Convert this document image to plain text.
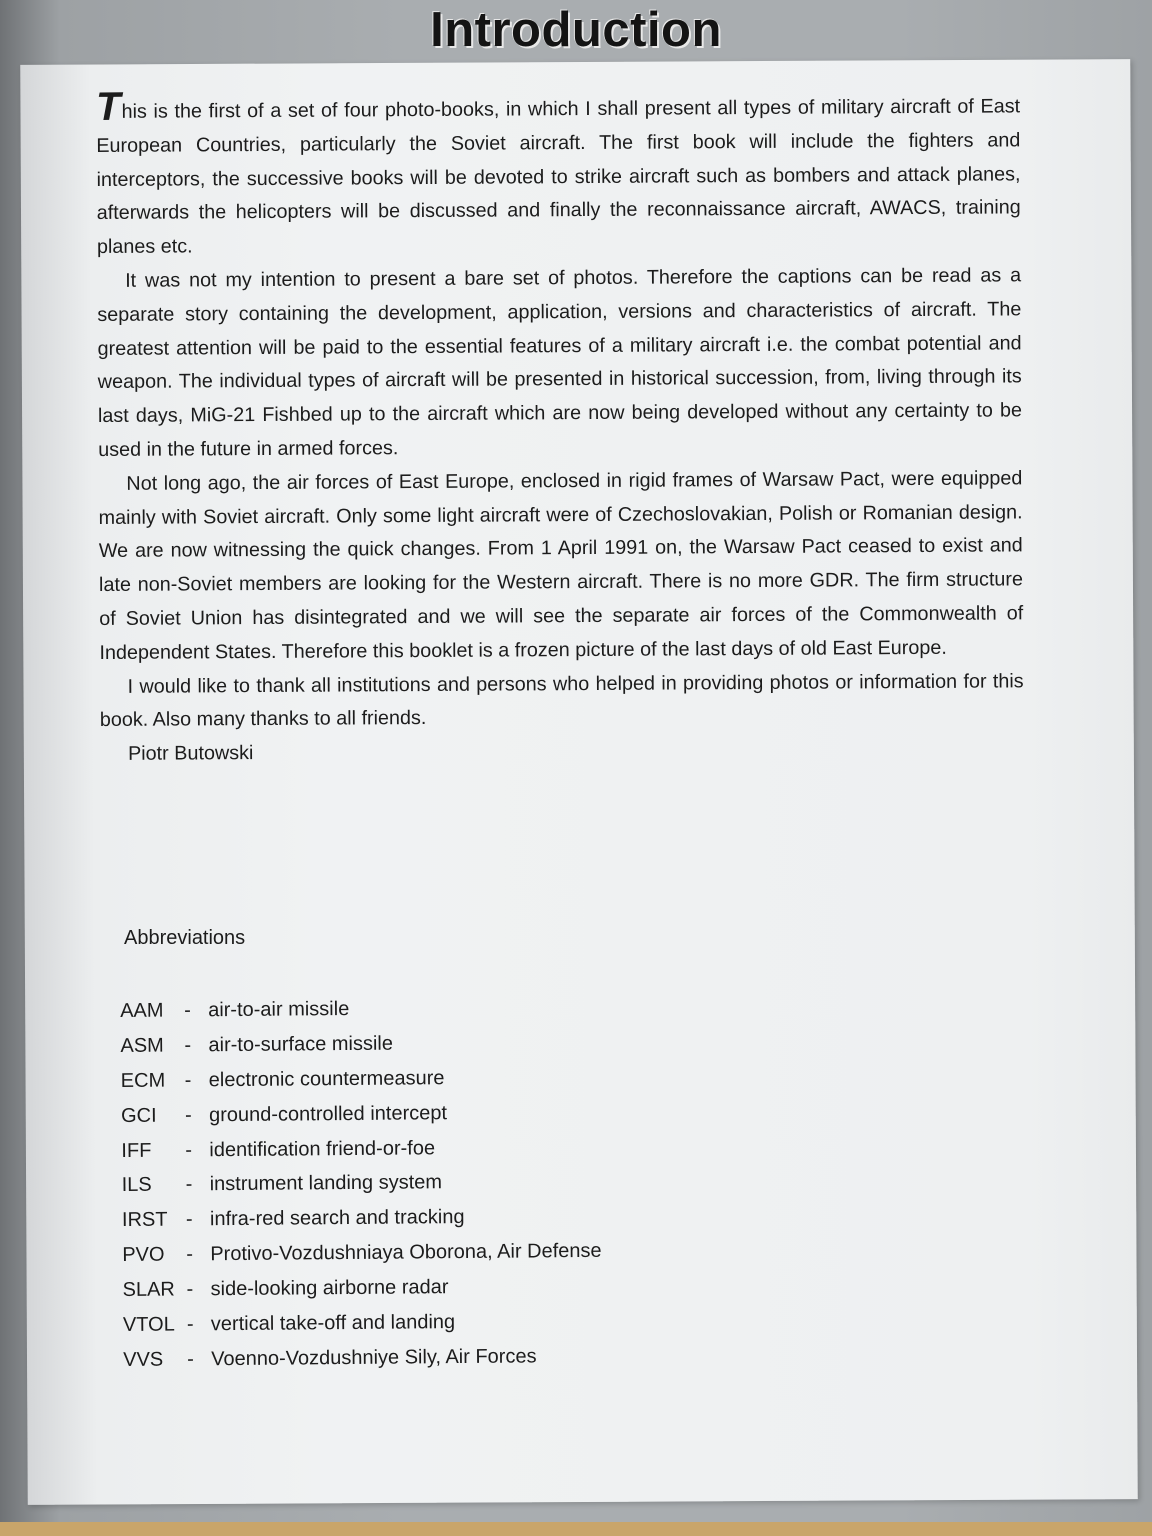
Introduction

This is the first of a set of four photo-books, in which I shall present all types of military aircraft of East European Countries, particularly the Soviet aircraft. The first book will include the fighters and interceptors, the successive books will be devoted to strike aircraft such as bombers and attack planes, afterwards the helicopters will be discussed and finally the reconnaissance aircraft, AWACS, training planes etc.

It was not my intention to present a bare set of photos. Therefore the captions can be read as a separate story containing the development, application, versions and characteristics of aircraft. The greatest attention will be paid to the essential features of a military aircraft i.e. the combat potential and weapon. The individual types of aircraft will be presented in historical succession, from, living through its last days, MiG-21 Fishbed up to the aircraft which are now being developed without any certainty to be used in the future in armed forces.

Not long ago, the air forces of East Europe, enclosed in rigid frames of Warsaw Pact, were equipped mainly with Soviet aircraft. Only some light aircraft were of Czechoslovakian, Polish or Romanian design. We are now witnessing the quick changes. From 1 April 1991 on, the Warsaw Pact ceased to exist and late non-Soviet members are looking for the Western aircraft. There is no more GDR. The firm structure of Soviet Union has disintegrated and we will see the separate air forces of the Commonwealth of Independent States. Therefore this booklet is a frozen picture of the last days of old East Europe.

I would like to thank all institutions and persons who helped in providing photos or information for this book. Also many thanks to all friends.

Piotr Butowski
Abbreviations
AAM	- air-to-air missile
ASM	- air-to-surface missile
ECM - electronic countermeasure
GCI	- ground-controlled intercept
IFF	- identification friend-or-foe
ILS	- instrument landing system
IRST - infra-red search and tracking
PVO	- Protivo-Vozdushniaya Oborona, Air Defense
SLAR - side-looking airborne radar
VTOL - vertical take-off and landing
VVS	- Voenno-Vozdushniye Sily, Air Forces
